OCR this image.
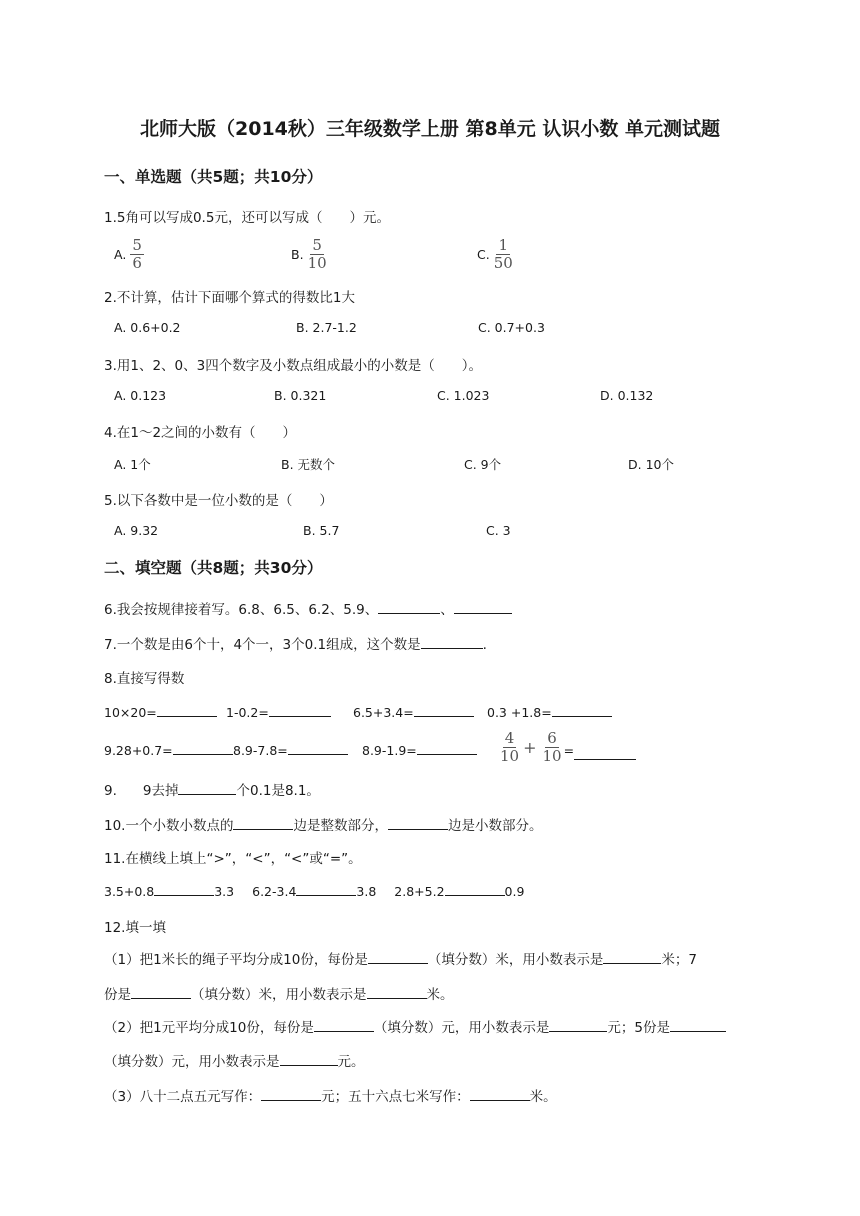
北师大版（2014秋）三年级数学上册 第8单元 认识小数 单元测试题
一、单选题（共5题；共10分）
1.5角可以写成0.5元，还可以写成（　　）元。
A. $\frac{5}{6}$	B. $\frac{5}{10}$	C. $\frac{1}{50}$
2.不计算，估计下面哪个算式的得数比1大
A. 0.6+0.2	B. 2.7-1.2	C. 0.7+0.3
3.用1、2、0、3四个数字及小数点组成最小的小数是（　　）。
A. 0.123	B. 0.321	C. 1.023	D. 0.132
4.在1～2之间的小数有（　　）
A. 1个	B. 无数个	C. 9个	D. 10个
5.以下各数中是一位小数的是（　　）
A. 9.32	B. 5.7	C. 3
二、填空题（共8题；共30分）
6.我会按规律接着写。6.8、6.5、6.2、5.9、	、
7.一个数是由6个十，4个一，3个0.1组成，这个数是	.
8.直接写得数
10×20=	1-0.2=	6.5+3.4=	0.3 +1.8=
9.28+0.7=	8.9-7.8=	8.9-1.9=	$\frac{4}{10} + \frac{6}{10}$ =
9. 9去掉	个0.1是8.1。
10.一个小数小数点的	边是整数部分，	边是小数部分。
11.在横线上填上“>”，“<”，“<”或“=”。
3.5+0.8	3.3 6.2-3.4	3.8 2.8+5.2	0.9
12.填一填
（1）把1米长的绳子平均分成10份，每份是	（填分数）米，用小数表示是	米；7
份是	（填分数）米，用小数表示是	米。
（2）把1元平均分成10份，每份是	（填分数）元，用小数表示是	元；5份是
（填分数）元，用小数表示是	元。
（3）八十二点五元写作：	元；五十六点七米写作：	米。
